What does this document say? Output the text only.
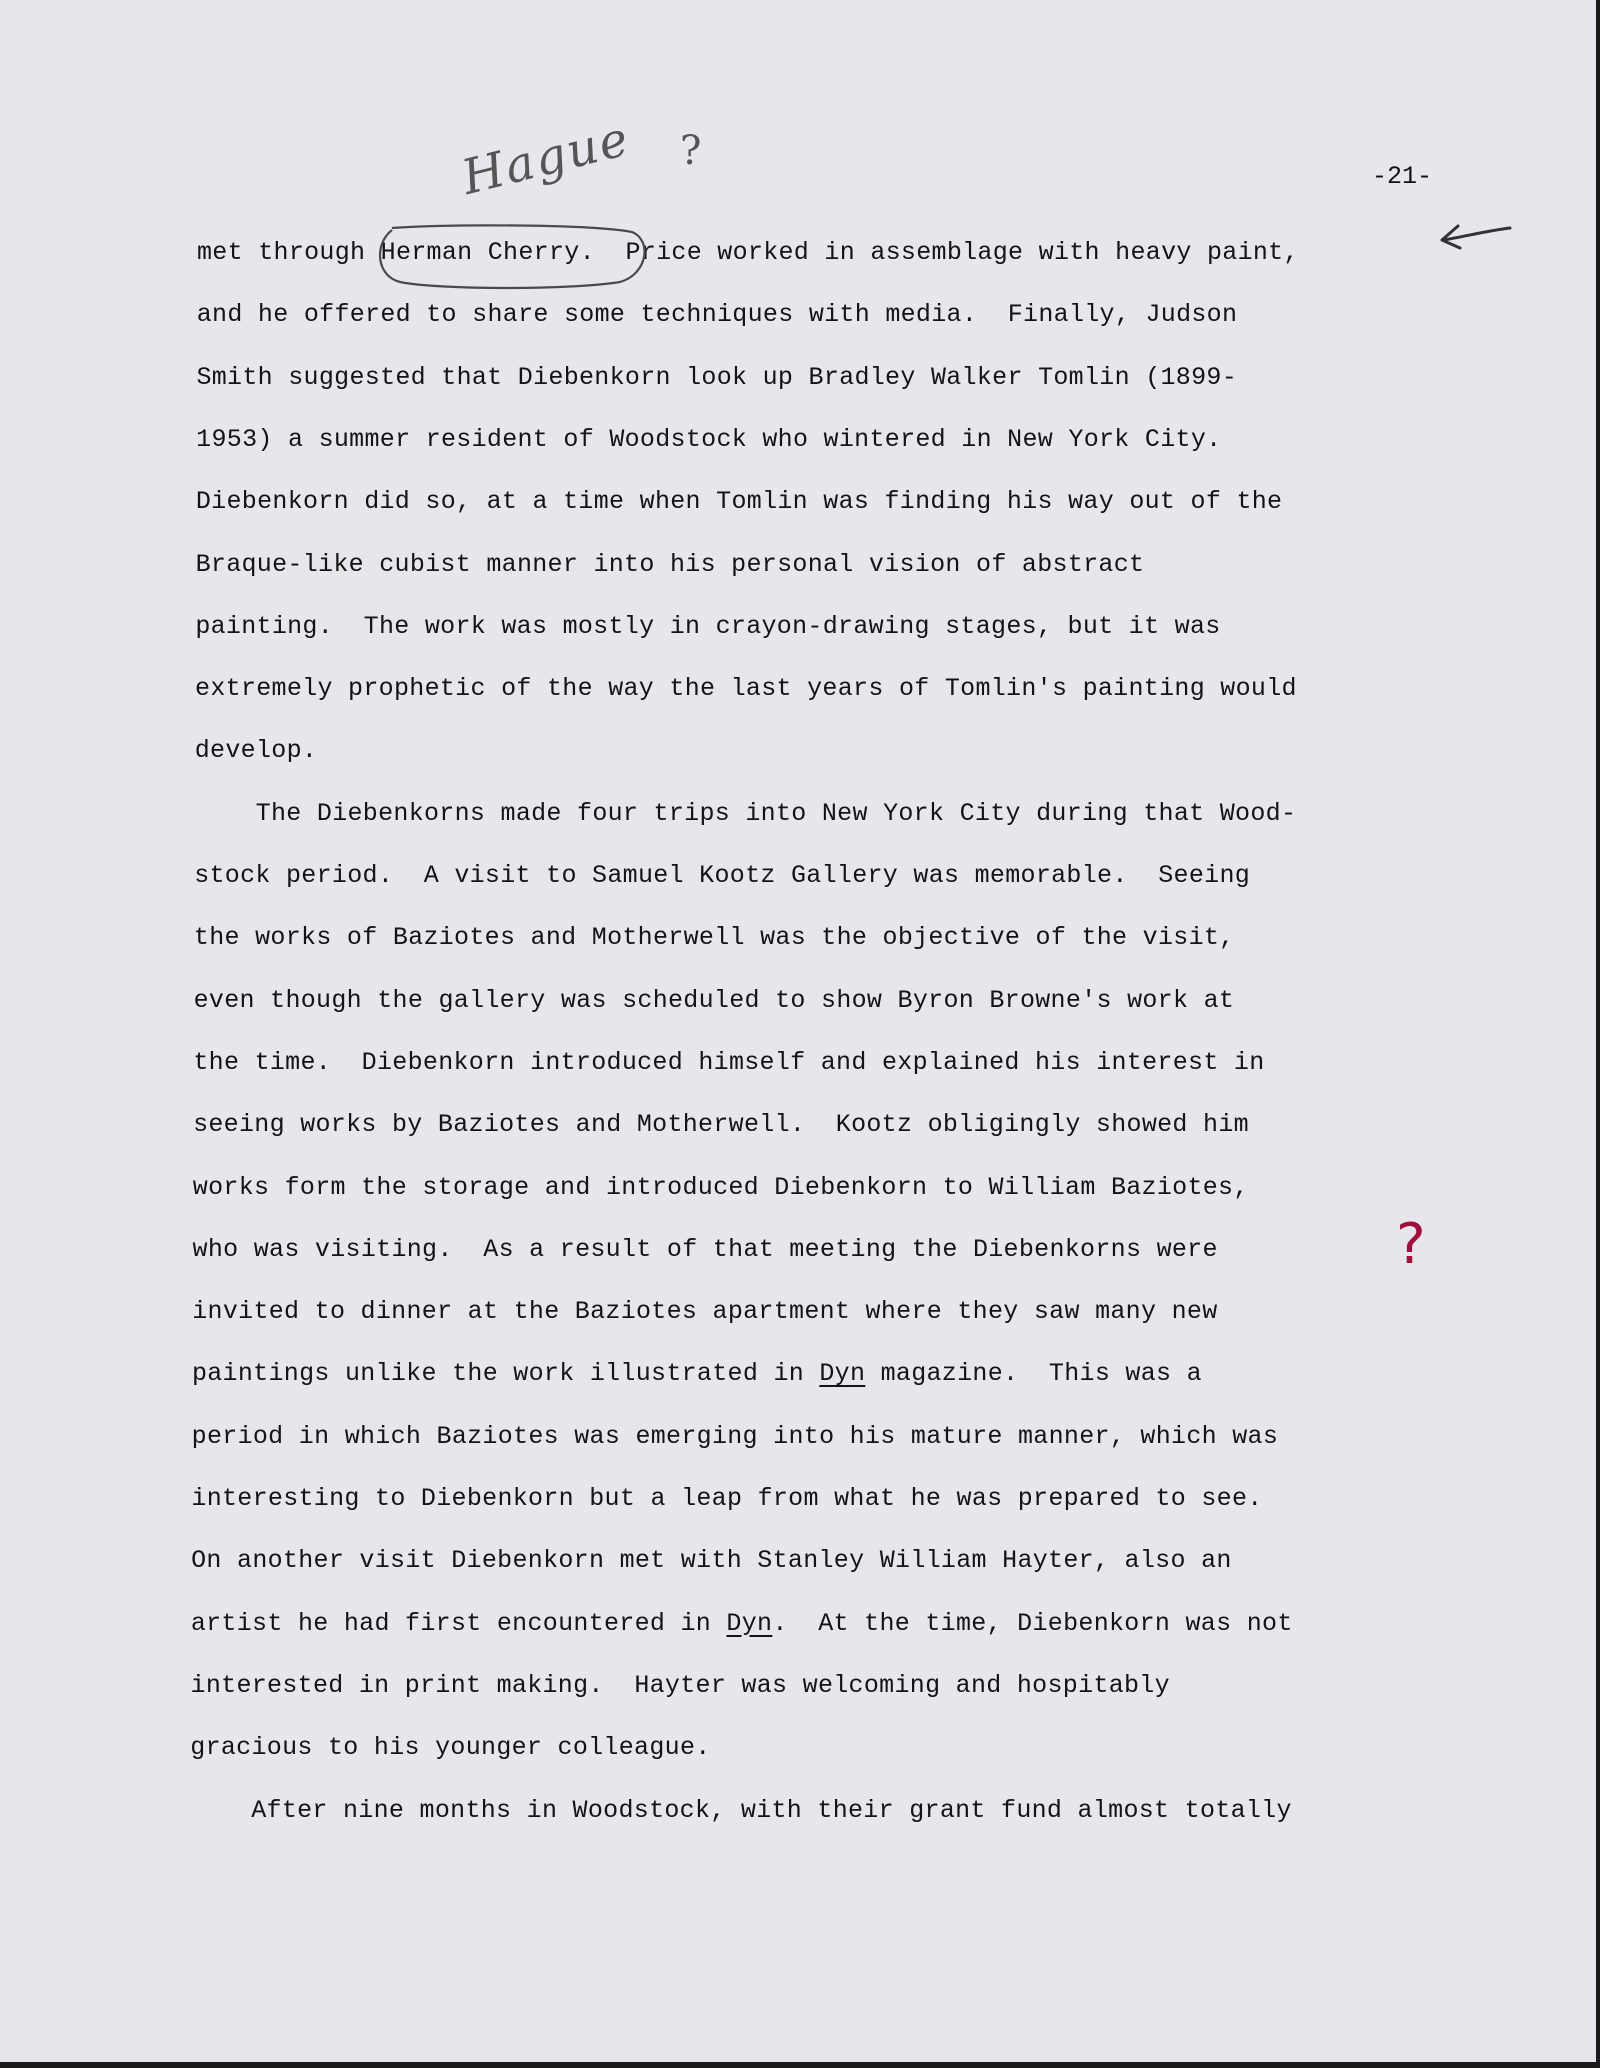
-21-
met through Herman Cherry.  Price worked in assemblage with heavy paint,
and he offered to share some techniques with media.  Finally, Judson
Smith suggested that Diebenkorn look up Bradley Walker Tomlin (1899-
1953) a summer resident of Woodstock who wintered in New York City.
Diebenkorn did so, at a time when Tomlin was finding his way out of the
Braque-like cubist manner into his personal vision of abstract
painting.  The work was mostly in crayon-drawing stages, but it was
extremely prophetic of the way the last years of Tomlin's painting would
develop.
The Diebenkorns made four trips into New York City during that Wood-
stock period.  A visit to Samuel Kootz Gallery was memorable.  Seeing
the works of Baziotes and Motherwell was the objective of the visit,
even though the gallery was scheduled to show Byron Browne's work at
the time.  Diebenkorn introduced himself and explained his interest in
seeing works by Baziotes and Motherwell.  Kootz obligingly showed him
works form the storage and introduced Diebenkorn to William Baziotes,
who was visiting.  As a result of that meeting the Diebenkorns were
invited to dinner at the Baziotes apartment where they saw many new
paintings unlike the work illustrated in Dyn magazine.  This was a
period in which Baziotes was emerging into his mature manner, which was
interesting to Diebenkorn but a leap from what he was prepared to see.
On another visit Diebenkorn met with Stanley William Hayter, also an
artist he had first encountered in Dyn.  At the time, Diebenkorn was not
interested in print making.  Hayter was welcoming and hospitably
gracious to his younger colleague.
After nine months in Woodstock, with their grant fund almost totally
Hague ?
?
